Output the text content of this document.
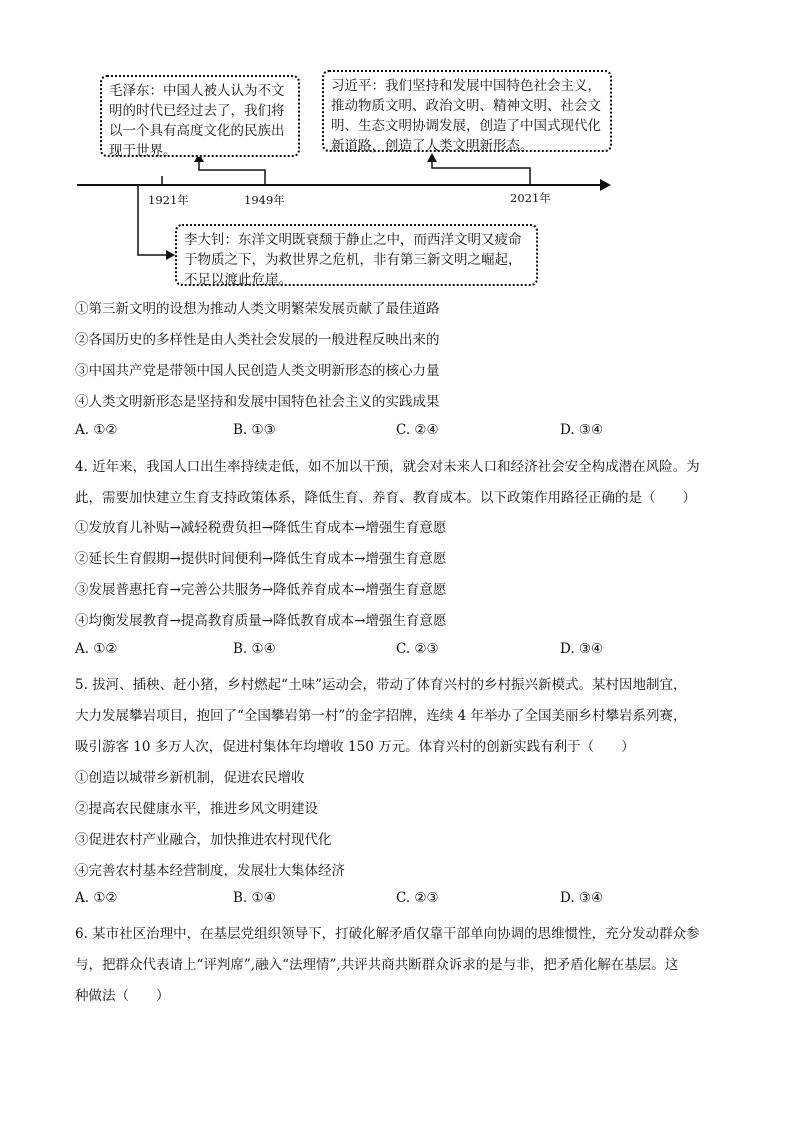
毛泽东：中国人被人认为不文明的时代已经过去了，我们将以一个具有高度文化的民族出现于世界。
习近平：我们坚持和发展中国特色社会主义，推动物质文明、政治文明、精神文明、社会文明、生态文明协调发展，创造了中国式现代化新道路，创造了人类文明新形态。
李大钊：东洋文明既衰颓于静止之中，而西洋文明又疲命于物质之下，为救世界之危机，非有第三新文明之崛起，不足以渡此危崖。
1921年	1949年	2021年
①第三新文明的设想为推动人类文明繁荣发展贡献了最佳道路
②各国历史的多样性是由人类社会发展的一般进程反映出来的
③中国共产党是带领中国人民创造人类文明新形态的核心力量
④人类文明新形态是坚持和发展中国特色社会主义的实践成果
A. ①②	B. ①③	C. ②④	D. ③④
4. 近年来，我国人口出生率持续走低，如不加以干预，就会对未来人口和经济社会安全构成潜在风险。为
此，需要加快建立生育支持政策体系，降低生育、养育、教育成本。以下政策作用路径正确的是（　　）
①发放育儿补贴→减轻税费负担→降低生育成本→增强生育意愿
②延长生育假期→提供时间便利→降低生育成本→增强生育意愿
③发展普惠托育→完善公共服务→降低养育成本→增强生育意愿
④均衡发展教育→提高教育质量→降低教育成本→增强生育意愿
A. ①②	B. ①④	C. ②③	D. ③④
5. 拔河、插秧、赶小猪，乡村燃起“土味”运动会，带动了体育兴村的乡村振兴新模式。某村因地制宜，
大力发展攀岩项目，抱回了“全国攀岩第一村”的金字招牌，连续 4 年举办了全国美丽乡村攀岩系列赛，
吸引游客 10 多万人次，促进村集体年均增收 150 万元。体育兴村的创新实践有利于（　　）
①创造以城带乡新机制，促进农民增收
②提高农民健康水平，推进乡风文明建设
③促进农村产业融合，加快推进农村现代化
④完善农村基本经营制度，发展壮大集体经济
A. ①②	B. ①④	C. ②③	D. ③④
6. 某市社区治理中，在基层党组织领导下，打破化解矛盾仅靠干部单向协调的思维惯性，充分发动群众参
与，把群众代表请上“评判席”,融入“法理情”,共评共商共断群众诉求的是与非，把矛盾化解在基层。这
种做法（　　）
